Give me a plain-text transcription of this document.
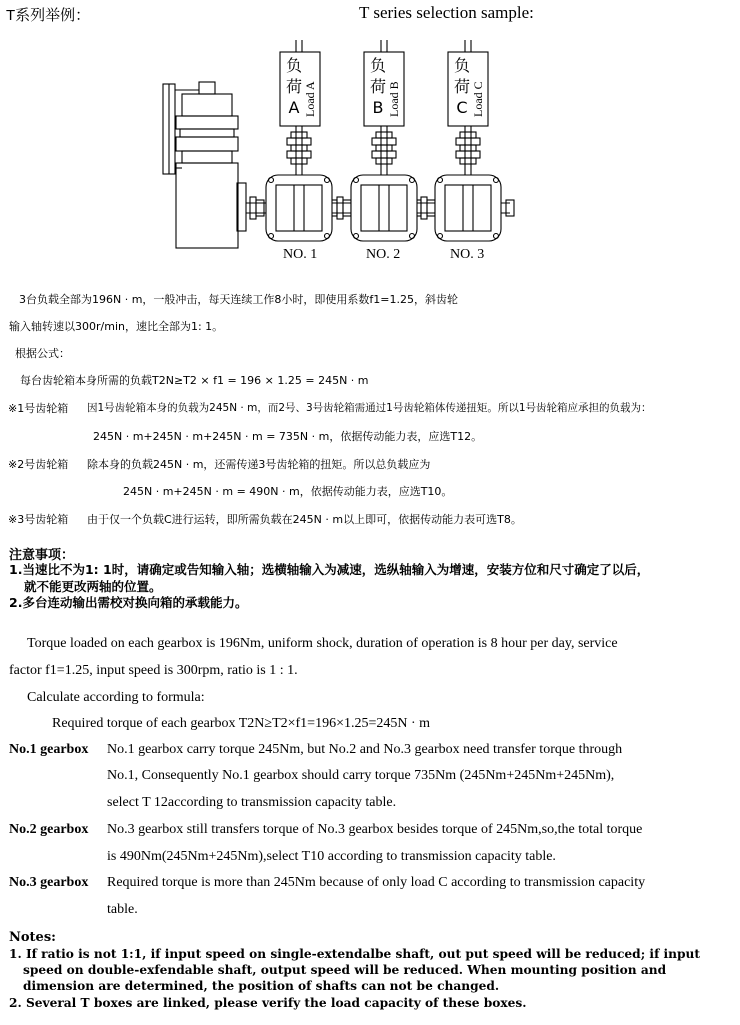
T系列举例：	T series selection sample:
负
荷
A Load A
负
荷
B Load B
负
荷
C Load C
NO. 1	NO. 2	NO. 3
3台负载全部为196N · m，一般冲击，每天连续工作8小时，即使用系数f1=1.25，斜齿轮
输入轴转速以300r/min，速比全部为1: 1。
根据公式：
每台齿轮箱本身所需的负载T2N≥T2 × f1 = 196 × 1.25 = 245N · m
※1号齿轮箱 因1号齿轮箱本身的负载为245N · m，而2号、3号齿轮箱需通过1号齿轮箱体传递扭矩。所以1号齿轮箱应承担的负载为：
245N · m+245N · m+245N · m = 735N · m，依据传动能力表，应选T12。
※2号齿轮箱 除本身的负载245N · m，还需传递3号齿轮箱的扭矩。所以总负载应为
245N · m+245N · m = 490N · m，依据传动能力表，应选T10。
※3号齿轮箱 由于仅一个负载C进行运转，即所需负载在245N · m以上即可，依据传动能力表可选T8。
注意事项：
1.当速比不为1: 1时，请确定或告知输入轴；选横轴输入为减速，选纵轴输入为增速，安装方位和尺寸确定了以后，
就不能更改两轴的位置。
2.多台连动输出需校对换向箱的承载能力。
Torque loaded on each gearbox is 196Nm, uniform shock, duration of operation is 8 hour per day, service
factor f1=1.25, input speed is 300rpm, ratio is 1 : 1.
Calculate according to formula:
Required torque of each gearbox T2N≥T2×f1=196×1.25=245N · m
No.1 gearbox No.1 gearbox carry torque 245Nm, but No.2 and No.3 gearbox need transfer torque through
No.1, Consequently No.1 gearbox should carry torque 735Nm (245Nm+245Nm+245Nm),
select T 12according to transmission capacity table.
No.2 gearbox No.3 gearbox still transfers torque of No.3 gearbox besides torque of 245Nm,so,the total torque
is 490Nm(245Nm+245Nm),select T10 according to transmission capacity table.
No.3 gearbox Required torque is more than 245Nm because of only load C according to transmission capacity
table.
Notes:
1. If ratio is not 1:1, if input speed on single-extendalbe shaft, out put speed will be reduced; if input
speed on double-exfendable shaft, output speed will be reduced. When mounting position and
dimension are determined, the position of shafts can not be changed.
2. Several T boxes are linked, please verify the load capacity of these boxes.
